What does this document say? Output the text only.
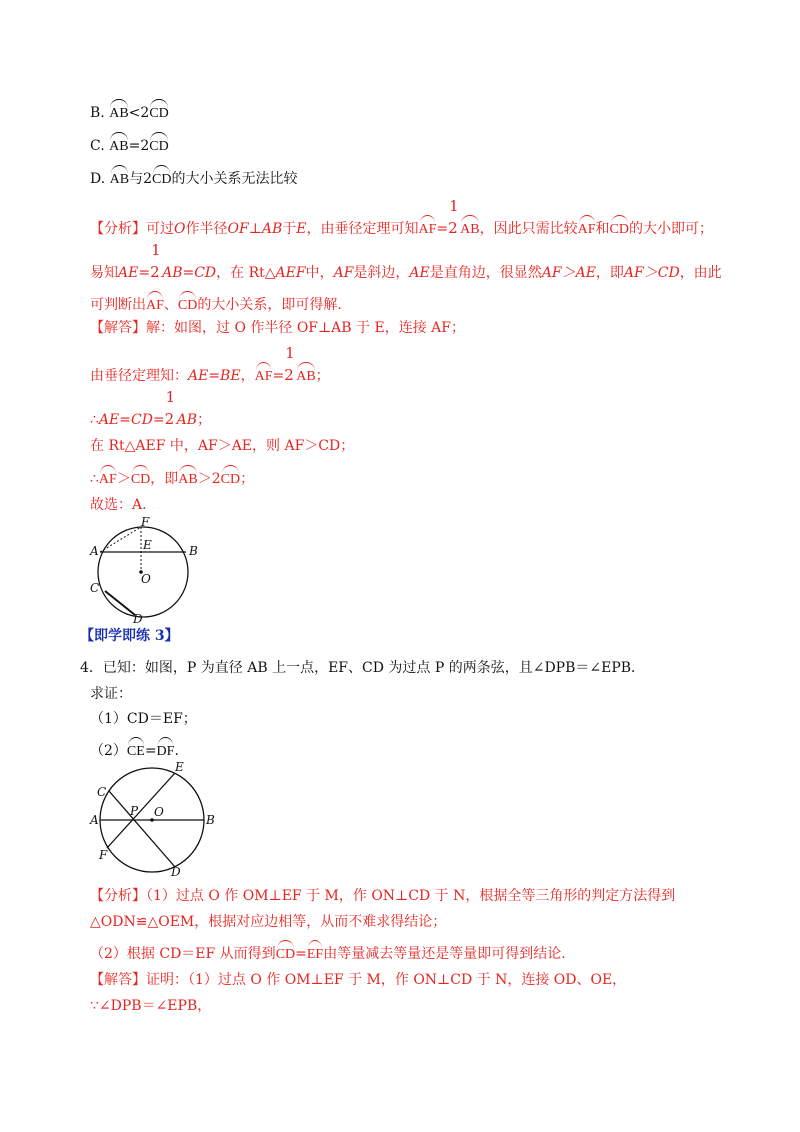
B. AB<2CD
C. AB=2CD
D. AB与2CD的大小关系无法比较
【分析】可过O作半径OF⊥AB于E，由垂径定理可知AF=
1
2 AB，因此只需比较AF和CD的大小即可；
易知AE=
1
2 AB=CD，在 Rt△AEF中，AF是斜边，AE是直角边，很显然AF＞AE，即AF＞CD，由此
可判断出AF、CD的大小关系，即可得解.
【解答】解：如图，过 O 作半径 OF⊥AB 于 E，连接 AF；
由垂径定理知：AE=BE，AF=
1
2 AB；
∴AE=CD=
1
2 AB；
在 Rt△AEF 中，AF＞AE，则 AF＞CD；
∴AF＞CD，即AB＞2CD；
故选：A．
A	B
C
D
E
F
O
【即学即练 3】
4．已知：如图，P 为直径 AB 上一点，EF、CD 为过点 P 的两条弦，且∠DPB＝∠EPB．
求证：
（1）CD＝EF；
（2）CE=DF.
A	B
C
D
E
F
O
P
【分析】（1）过点 O 作 OM⊥EF 于 M，作 ON⊥CD 于 N，根据全等三角形的判定方法得到
△ODN≌△OEM，根据对应边相等，从而不难求得结论；
（2）根据 CD＝EF 从而得到CD=EF由等量减去等量还是等量即可得到结论.
【解答】证明：（1）过点 O 作 OM⊥EF 于 M，作 ON⊥CD 于 N，连接 OD、OE，
∵∠DPB＝∠EPB，
